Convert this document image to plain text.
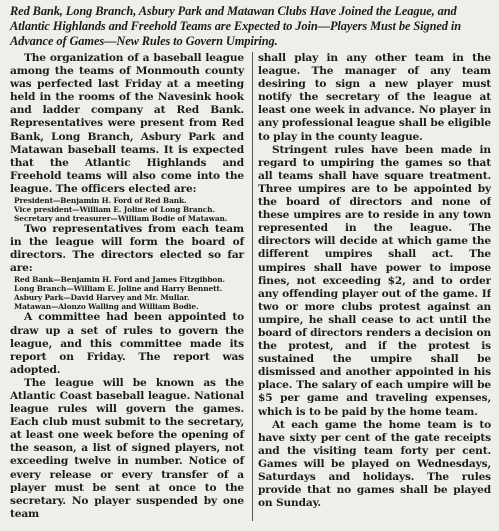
Red Bank, Long Branch, Asbury Park and Matawan Clubs Have Joined the League, and Atlantic Highlands and Freehold Teams are Expected to Join—Players Must be Signed in Advance of Games—New Rules to Govern Umpiring.

The organization of a baseball league among the teams of Monmouth county was perfected last Friday at a meeting held in the rooms of the Navesink hook and ladder company at Red Bank. Representatives were present from Red Bank, Long Branch, Asbury Park and Matawan baseball teams. It is expected that the Atlantic Highlands and Freehold teams will also come into the league. The officers elected are:

President—Benjamin H. Ford of Red Bank.

Vice president—William E. Joline of Long Branch.

Secretary and treasurer—William Bodie of Matawan.

Two representatives from each team in the league will form the board of directors. The directors elected so far are:

Red Bank—Benjamin H. Ford and James Fitzgibbon.

Long Branch—William E. Joline and Harry Bennett.

Asbury Park—David Harvey and Mr. Mullar.

Matawan—Alonzo Walling and William Bodie.

A committee had been appointed to draw up a set of rules to govern the league, and this committee made its report on Friday. The report was adopted.

The league will be known as the Atlantic Coast baseball league. National league rules will govern the games. Each club must submit to the secretary, at least one week before the opening of the season, a list of signed players, not exceeding twelve in number. Notice of every release or every transfer of a player must be sent at once to the secretary. No player suspended by one team

shall play in any other team in the league. The manager of any team desiring to sign a new player must notify the secretary of the league at least one week in advance. No player in any professional league shall be eligible to play in the county league.

Stringent rules have been made in regard to umpiring the games so that all teams shall have square treatment. Three umpires are to be appointed by the board of directors and none of these umpires are to reside in any town represented in the league. The directors will decide at which game the different umpires shall act. The umpires shall have power to impose fines, not exceeding $2, and to order any offending player out of the game. If two or more clubs protest against an umpire, he shall cease to act until the board of directors renders a decision on the protest, and if the protest is sustained the umpire shall be dismissed and another appointed in his place. The salary of each umpire will be $5 per game and traveling expenses, which is to be paid by the home team.

At each game the home team is to have sixty per cent of the gate receipts and the visiting team forty per cent. Games will be played on Wednesdays, Saturdays and holidays. The rules provide that no games shall be played on Sunday.
